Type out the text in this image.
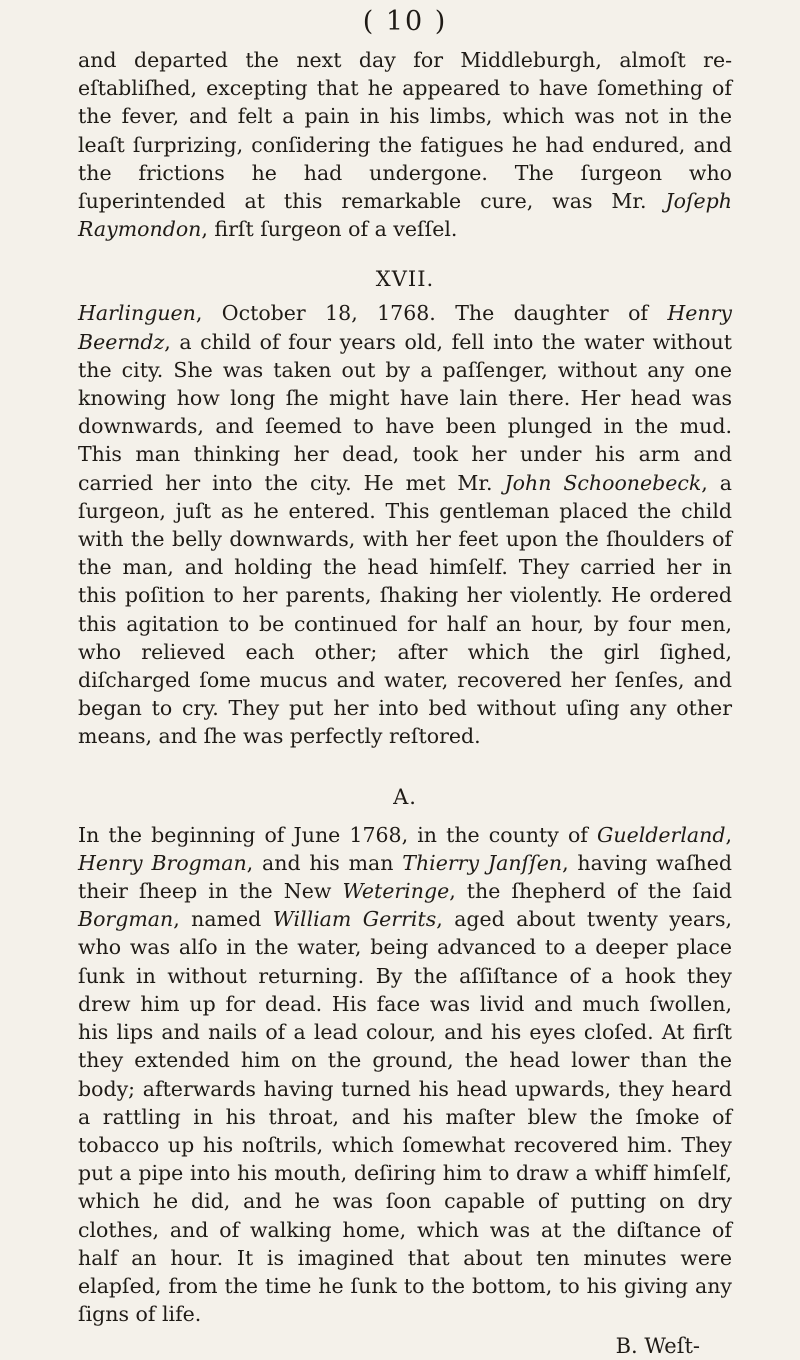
( 10 )

and departed the next day for Middleburgh, almoſt re-eſtabliſhed, excepting that he appeared to have ſomething of the fever, and felt a pain in his limbs, which was not in the leaſt ſurprizing, conſidering the fatigues he had endured, and the frictions he had undergone. The ſurgeon who ſuperintended at this remarkable cure, was Mr. Joſeph Raymondon, firſt ſurgeon of a veſſel.

XVII.

Harlinguen, October 18, 1768. The daughter of Henry Beerndz, a child of four years old, fell into the water without the city. She was taken out by a paſſenger, without any one knowing how long ſhe might have lain there. Her head was downwards, and ſeemed to have been plunged in the mud. This man thinking her dead, took her under his arm and carried her into the city. He met Mr. John Schoonebeck, a ſurgeon, juſt as he entered. This gentleman placed the child with the belly downwards, with her feet upon the ſhoulders of the man, and holding the head himſelf. They carried her in this poſition to her parents, ſhaking her violently. He ordered this agitation to be continued for half an hour, by four men, who relieved each other; after which the girl ſighed, diſcharged ſome mucus and water, recovered her ſenſes, and began to cry. They put her into bed without uſing any other means, and ſhe was perfectly reſtored.

A.

In the beginning of June 1768, in the county of Guelderland, Henry Brogman, and his man Thierry Janſſen, having waſhed their ſheep in the New Weteringe, the ſhepherd of the ſaid Borgman, named William Gerrits, aged about twenty years, who was alſo in the water, being advanced to a deeper place ſunk in without returning. By the aſſiſtance of a hook they drew him up for dead. His face was livid and much ſwollen, his lips and nails of a lead colour, and his eyes cloſed. At firſt they extended him on the ground, the head lower than the body; afterwards having turned his head upwards, they heard a rattling in his throat, and his maſter blew the ſmoke of tobacco up his noſtrils, which ſomewhat recovered him. They put a pipe into his mouth, deſiring him to draw a whiff himſelf, which he did, and he was ſoon capable of putting on dry clothes, and of walking home, which was at the diſtance of half an hour. It is imagined that about ten minutes were elapſed, from the time he ſunk to the bottom, to his giving any ſigns of life.

B. Weſt-
